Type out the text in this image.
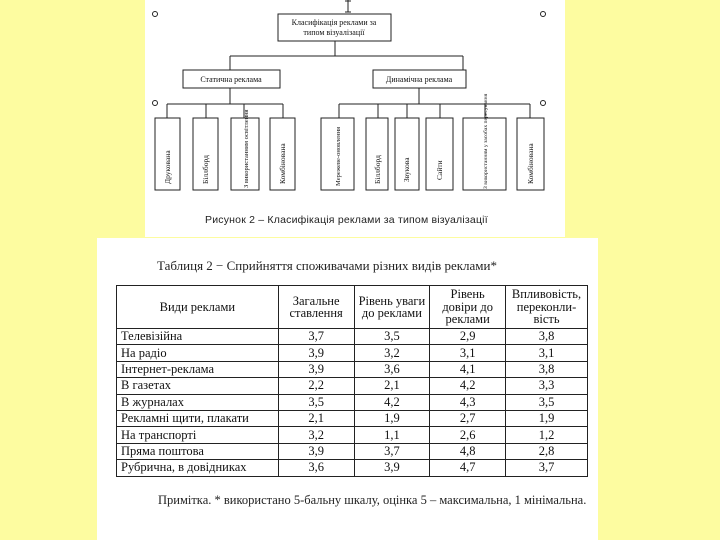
Класифікація реклами за
типом візуалізації
Статична реклама	Динамічна реклама
Друкована	Біллборд	З використанням освітлення	Комбінована	Мережеве-оновлення	Біллборд	Звукова	Сайти	З використанням у засобах пересування	Комбінована
Рисунок 2 – Класифікація реклами за типом візуалізації
Таблиця 2 − Сприйняття споживачами різних видів реклами*
Види реклами	Загальне ставлення	Рівень уваги до реклами	Рівень довіри до реклами	Впливовість, переконли-вість
Телевізійна	3,7	3,5	2,9	3,8
На радіо	3,9	3,2	3,1	3,1
Інтернет-реклама	3,9	3,6	4,1	3,8
В газетах	2,2	2,1	4,2	3,3
В журналах	3,5	4,2	4,3	3,5
Рекламні щити, плакати	2,1	1,9	2,7	1,9
На транспорті	3,2	1,1	2,6	1,2
Пряма поштова	3,9	3,7	4,8	2,8
Рубрична, в довідниках	3,6	3,9	4,7	3,7
Примітка. * використано 5-бальну шкалу, оцінка 5 – максимальна, 1 мінімальна.
